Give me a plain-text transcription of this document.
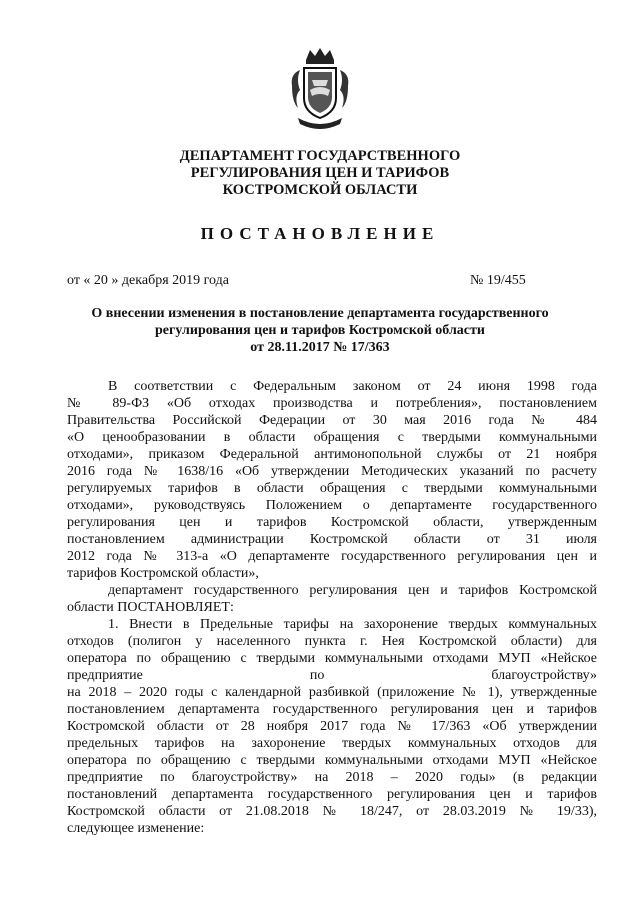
ДЕПАРТАМЕНТ ГОСУДАРСТВЕННОГО
РЕГУЛИРОВАНИЯ ЦЕН И ТАРИФОВ
КОСТРОМСКОЙ ОБЛАСТИ
ПОСТАНОВЛЕНИЕ
от « 20 » декабря 2019 года	№ 19/455
О внесении изменения в постановление департамента государственного
регулирования цен и тарифов Костромской области
от 28.11.2017 № 17/363
В соответствии с Федеральным законом от 24 июня 1998 года
№ 89-ФЗ «Об отходах производства и потребления», постановлением
Правительства Российской Федерации от 30 мая 2016 года № 484
«О ценообразовании в области обращения с твердыми коммунальными
отходами», приказом Федеральной антимонопольной службы от 21 ноября
2016 года № 1638/16 «Об утверждении Методических указаний по расчету
регулируемых тарифов в области обращения с твердыми коммунальными
отходами», руководствуясь Положением о департаменте государственного
регулирования цен и тарифов Костромской области, утвержденным
постановлением администрации Костромской области от 31 июля
2012 года № 313-а «О департаменте государственного регулирования цен и
тарифов Костромской области»,
департамент государственного регулирования цен и тарифов Костромской
области ПОСТАНОВЛЯЕТ:
1. Внести в Предельные тарифы на захоронение твердых коммунальных
отходов (полигон у населенного пункта г. Нея Костромской области) для
оператора по обращению с твердыми коммунальными отходами МУП «Нейское
предприятие по благоустройству»
на 2018 – 2020 годы с календарной разбивкой (приложение № 1), утвержденные
постановлением департамента государственного регулирования цен и тарифов
Костромской области от 28 ноября 2017 года № 17/363 «Об утверждении
предельных тарифов на захоронение твердых коммунальных отходов для
оператора по обращению с твердыми коммунальными отходами МУП «Нейское
предприятие по благоустройству» на 2018 – 2020 годы» (в редакции
постановлений департамента государственного регулирования цен и тарифов
Костромской области от 21.08.2018 № 18/247, от 28.03.2019 № 19/33),
следующее изменение:
